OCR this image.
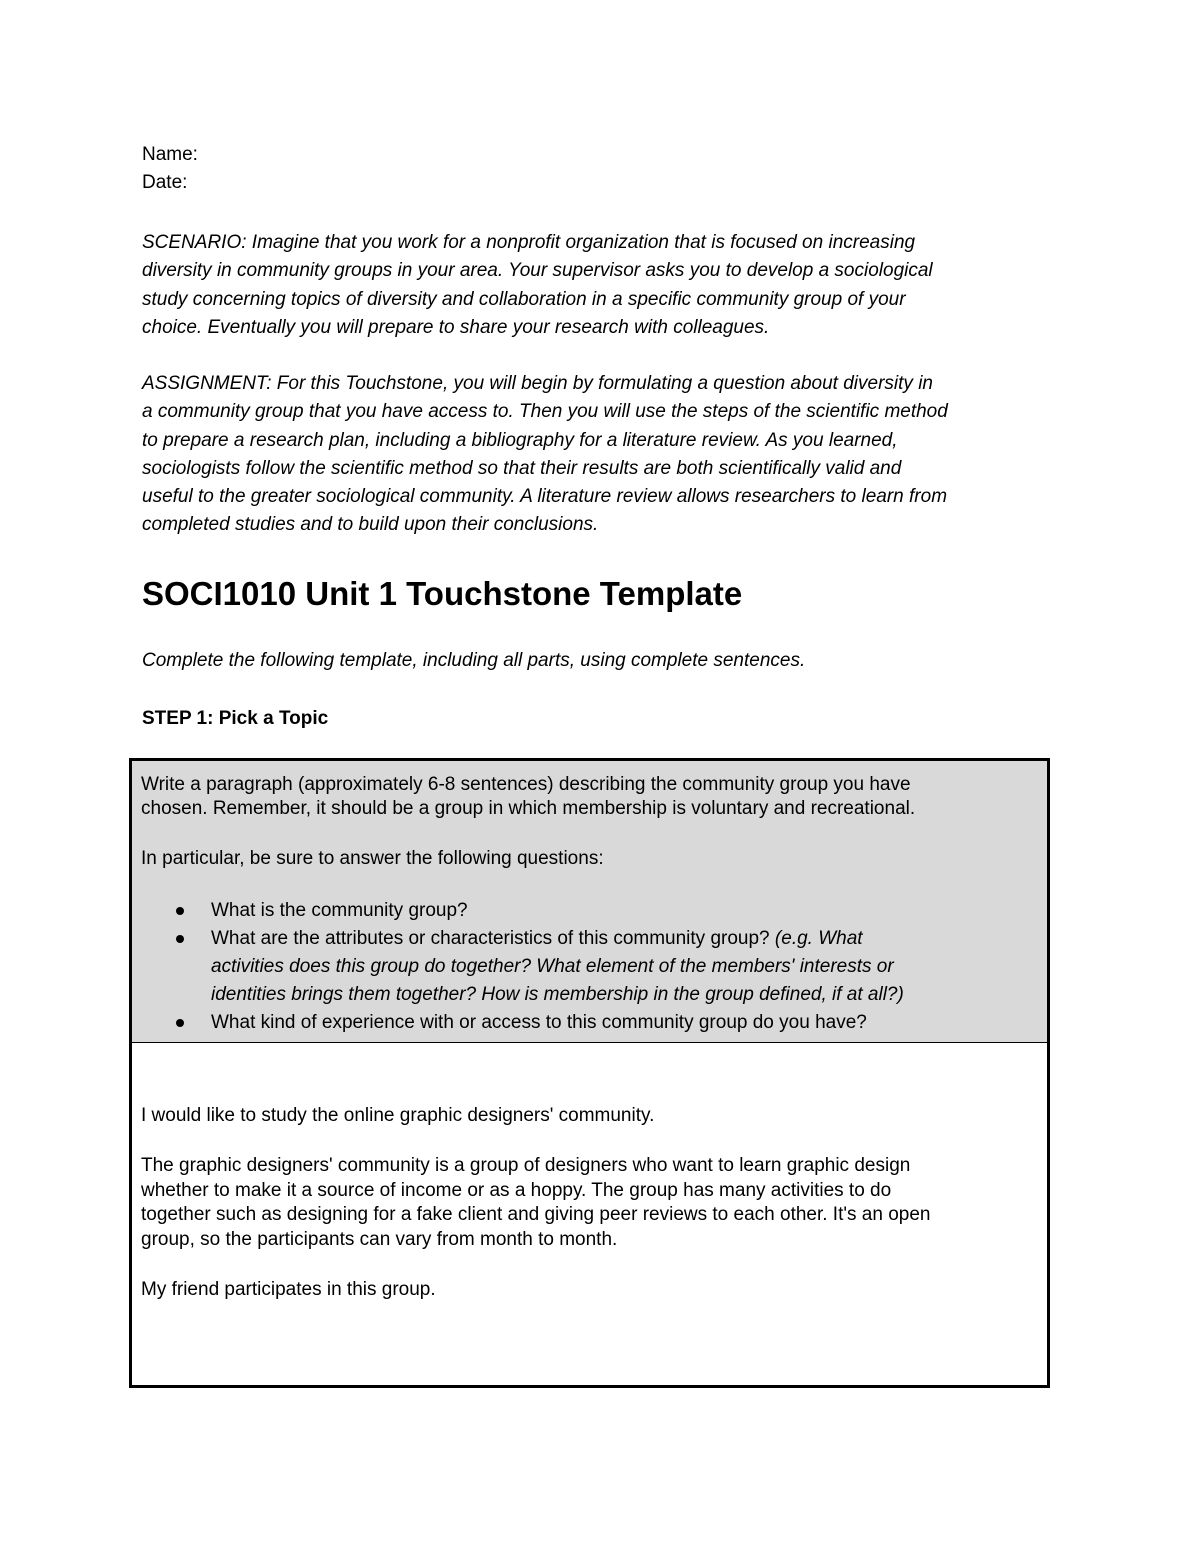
Name:
Date:
SCENARIO: Imagine that you work for a nonprofit organization that is focused on increasing
diversity in community groups in your area. Your supervisor asks you to develop a sociological
study concerning topics of diversity and collaboration in a specific community group of your
choice. Eventually you will prepare to share your research with colleagues.
ASSIGNMENT: For this Touchstone, you will begin by formulating a question about diversity in
a community group that you have access to. Then you will use the steps of the scientific method
to prepare a research plan, including a bibliography for a literature review. As you learned,
sociologists follow the scientific method so that their results are both scientifically valid and
useful to the greater sociological community. A literature review allows researchers to learn from
completed studies and to build upon their conclusions.
SOCI1010 Unit 1 Touchstone Template
Complete the following template, including all parts, using complete sentences.
STEP 1: Pick a Topic
Write a paragraph (approximately 6-8 sentences) describing the community group you have
chosen. Remember, it should be a group in which membership is voluntary and recreational.
In particular, be sure to answer the following questions:
What is the community group?
What are the attributes or characteristics of this community group? (e.g. What
activities does this group do together? What element of the members' interests or
identities brings them together? How is membership in the group defined, if at all?)
What kind of experience with or access to this community group do you have?
I would like to study the online graphic designers' community.
The graphic designers' community is a group of designers who want to learn graphic design
whether to make it a source of income or as a hoppy. The group has many activities to do
together such as designing for a fake client and giving peer reviews to each other. It's an open
group, so the participants can vary from month to month.
My friend participates in this group.
